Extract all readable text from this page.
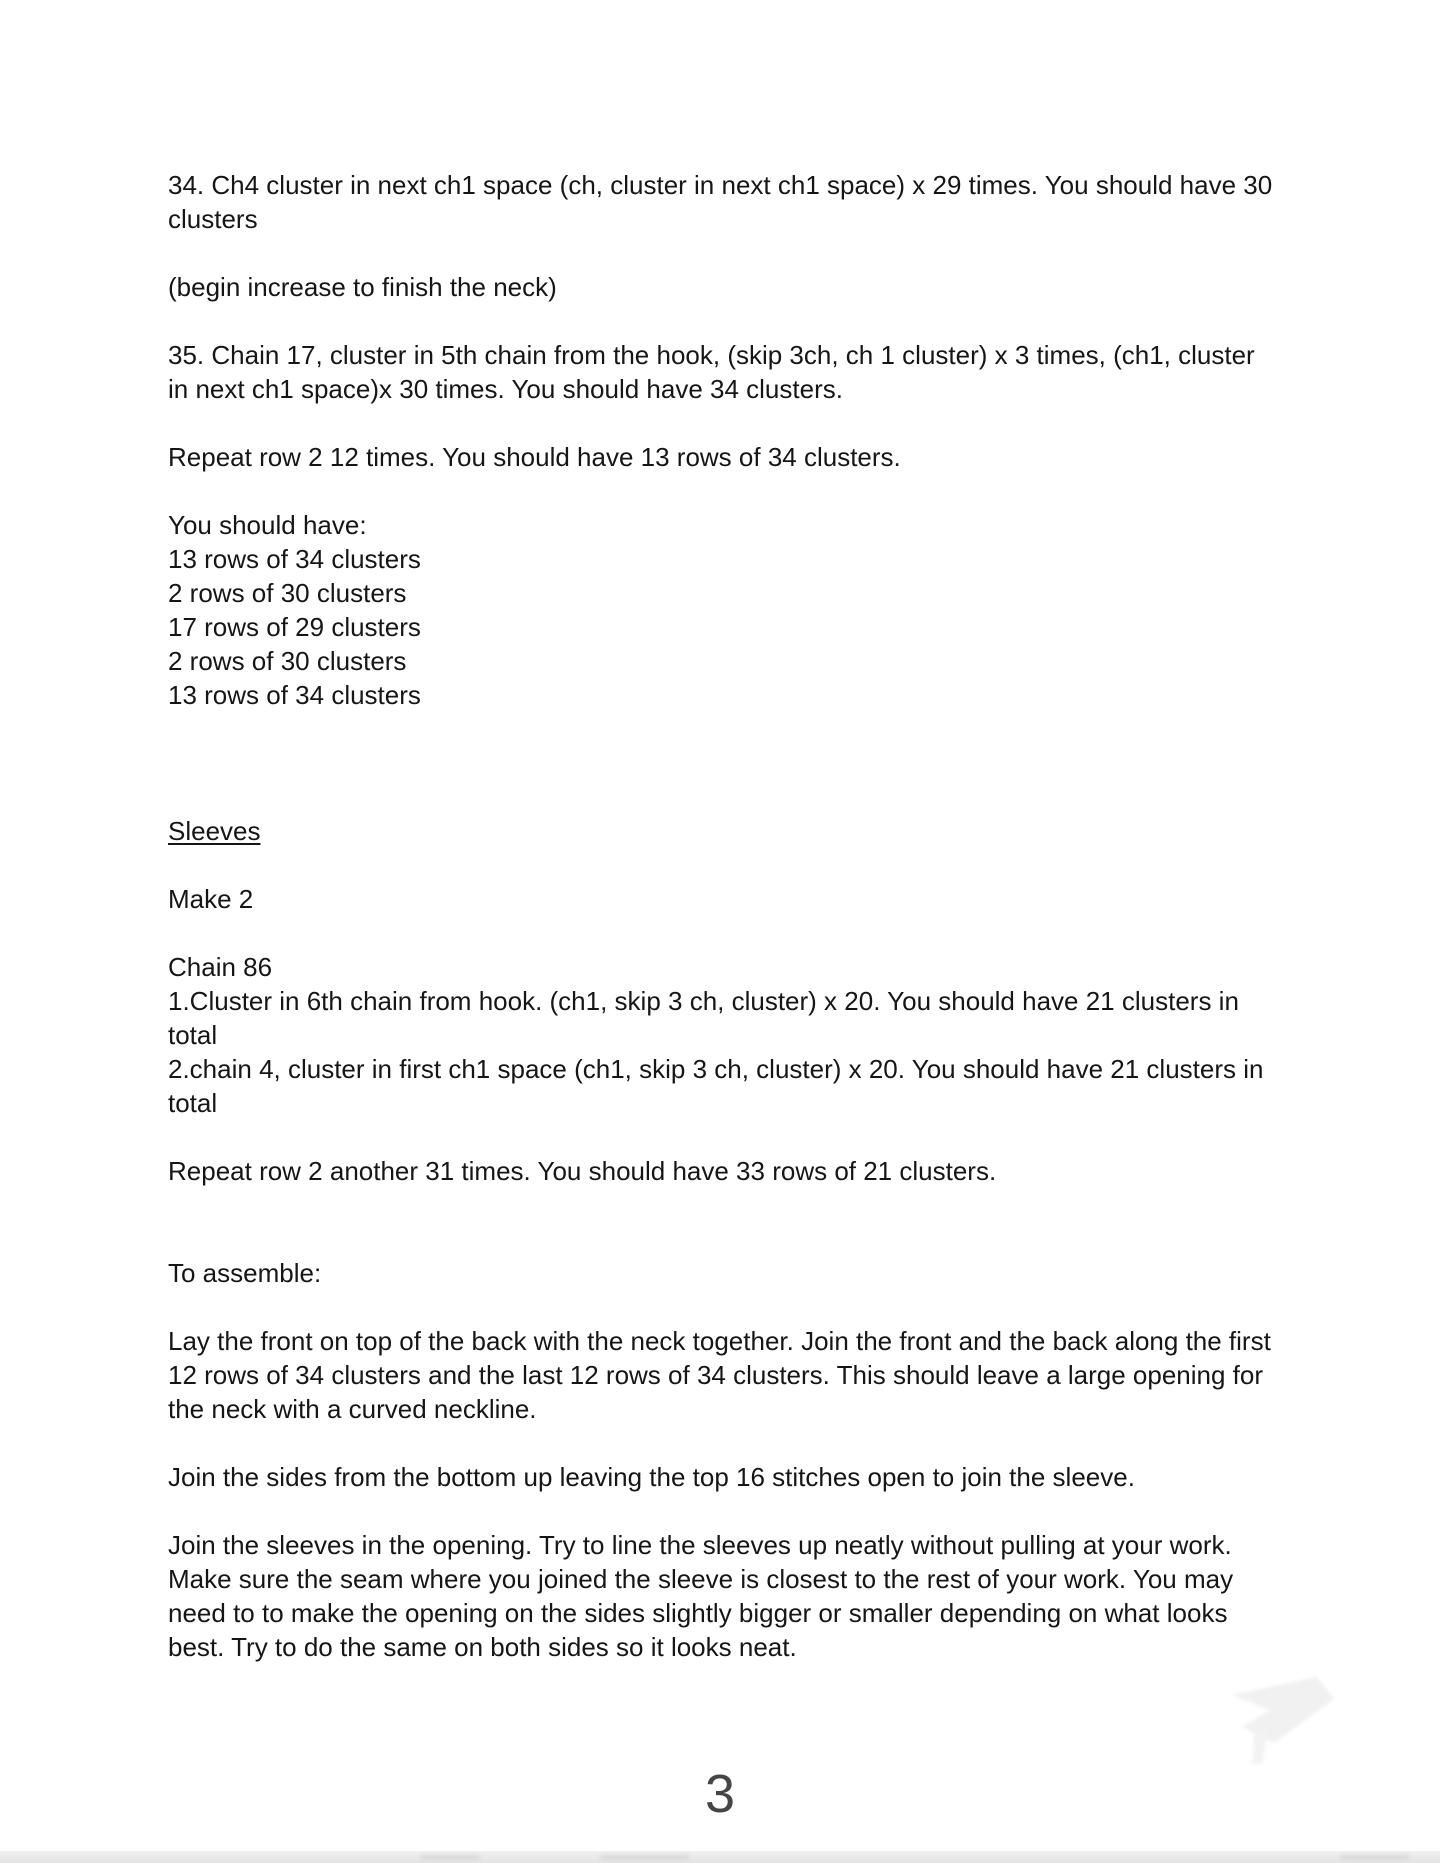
34. Ch4 cluster in next ch1 space (ch, cluster in next ch1 space) x 29 times. You should have 30
clusters
(begin increase to finish the neck)
35. Chain 17, cluster in 5th chain from the hook, (skip 3ch, ch 1 cluster) x 3 times, (ch1, cluster
in next ch1 space)x 30 times. You should have 34 clusters.
Repeat row 2 12 times. You should have 13 rows of 34 clusters.
You should have:
13 rows of 34 clusters
2 rows of 30 clusters
17 rows of 29 clusters
2 rows of 30 clusters
13 rows of 34 clusters
Sleeves
Make 2
Chain 86
1.Cluster in 6th chain from hook. (ch1, skip 3 ch, cluster) x 20. You should have 21 clusters in
total
2.chain 4, cluster in first ch1 space (ch1, skip 3 ch, cluster) x 20. You should have 21 clusters in
total
Repeat row 2 another 31 times. You should have 33 rows of 21 clusters.
To assemble:
Lay the front on top of the back with the neck together. Join the front and the back along the first
12 rows of 34 clusters and the last 12 rows of 34 clusters. This should leave a large opening for
the neck with a curved neckline.
Join the sides from the bottom up leaving the top 16 stitches open to join the sleeve.
Join the sleeves in the opening. Try to line the sleeves up neatly without pulling at your work.
Make sure the seam where you joined the sleeve is closest to the rest of your work. You may
need to to make the opening on the sides slightly bigger or smaller depending on what looks
best. Try to do the same on both sides so it looks neat.
3
